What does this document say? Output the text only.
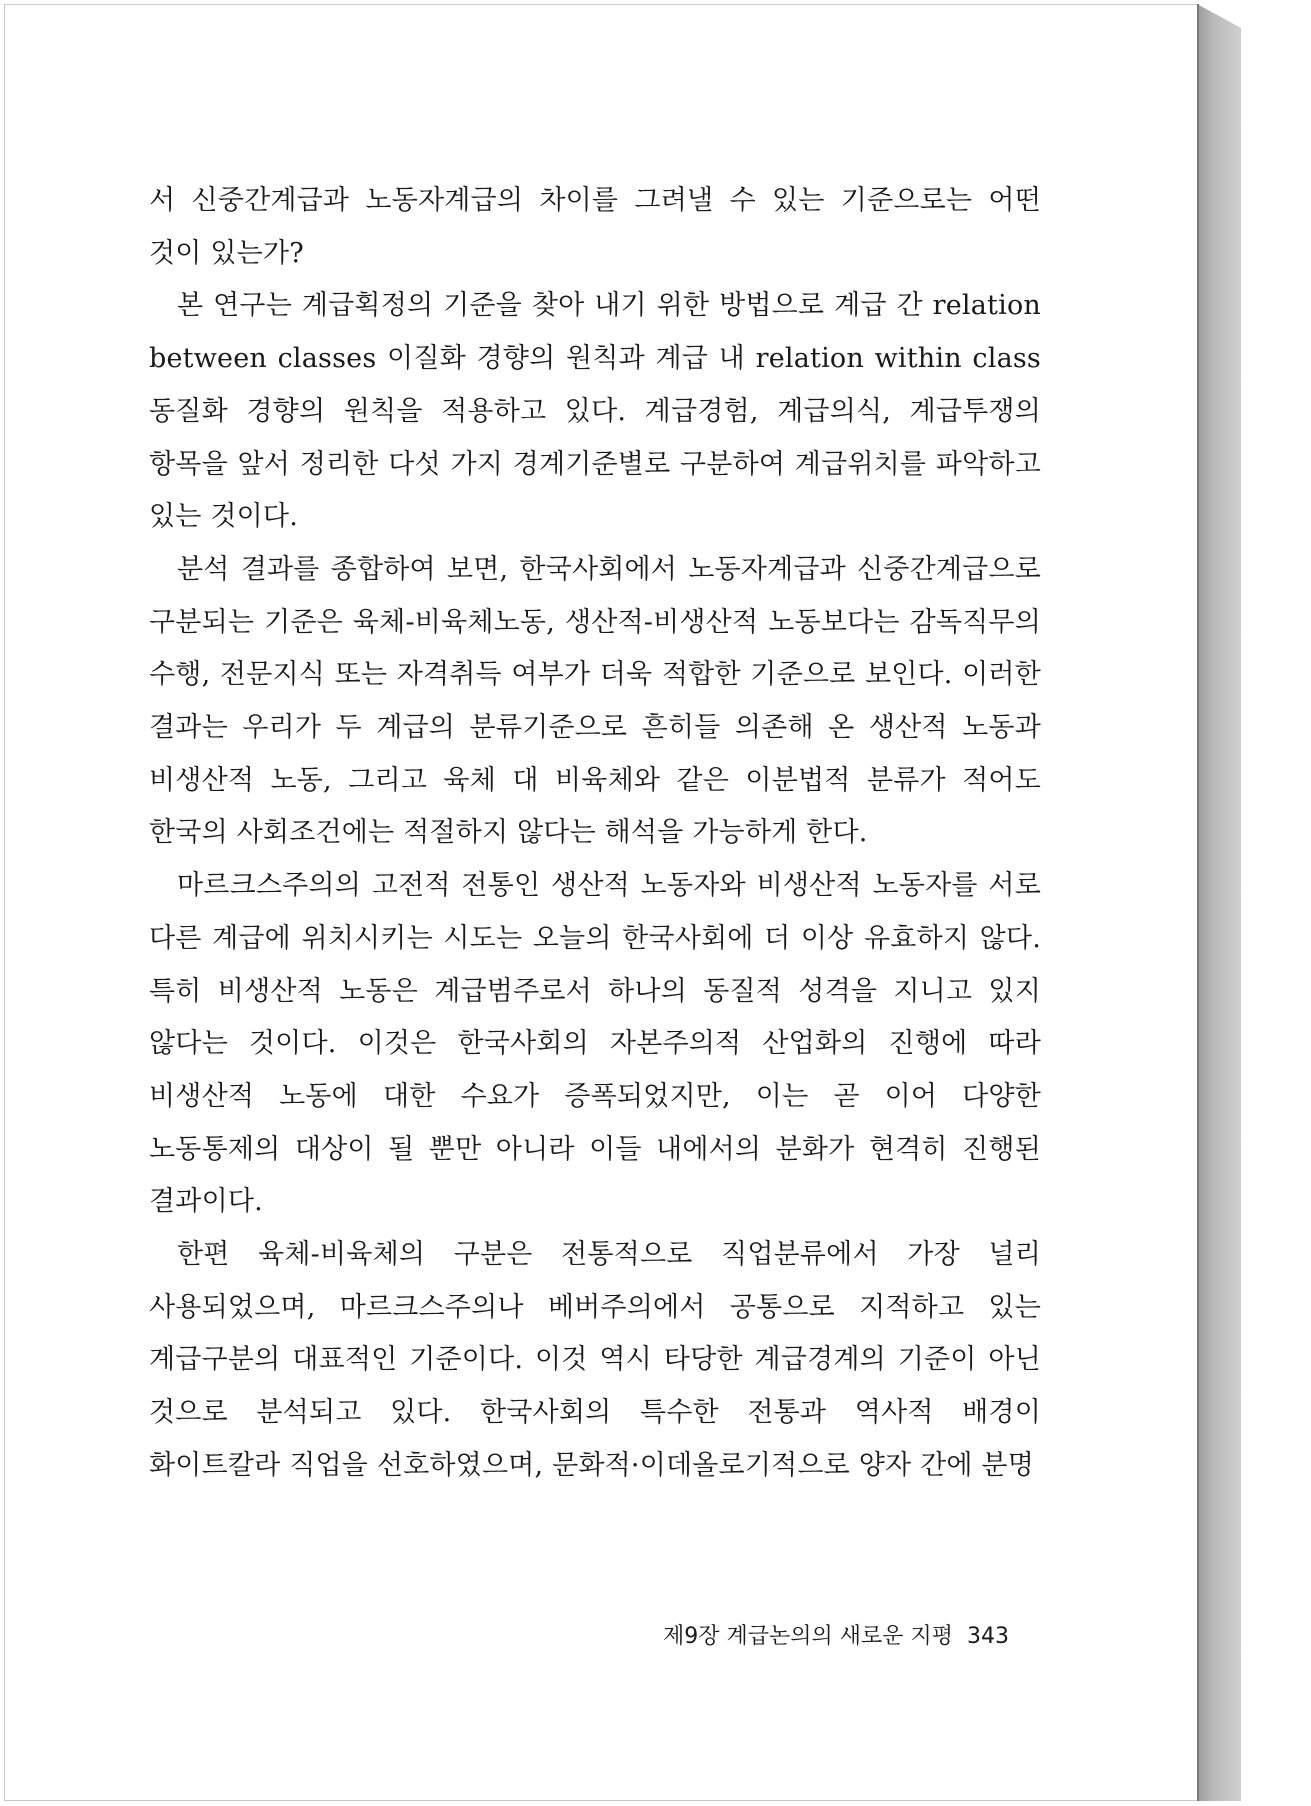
서 신중간계급과 노동자계급의 차이를 그려낼 수 있는 기준으로는 어떤 것이 있는가?

본 연구는 계급획정의 기준을 찾아 내기 위한 방법으로 계급 간 relation between classes 이질화 경향의 원칙과 계급 내 relation within class 동질화 경향의 원칙을 적용하고 있다. 계급경험, 계급의식, 계급투쟁의 항목을 앞서 정리한 다섯 가지 경계기준별로 구분하여 계급위치를 파악하고 있는 것이다.

분석 결과를 종합하여 보면, 한국사회에서 노동자계급과 신중간계급으로 구분되는 기준은 육체-비육체노동, 생산적-비생산적 노동보다는 감독직무의 수행, 전문지식 또는 자격취득 여부가 더욱 적합한 기준으로 보인다. 이러한 결과는 우리가 두 계급의 분류기준으로 흔히들 의존해 온 생산적 노동과 비생산적 노동, 그리고 육체 대 비육체와 같은 이분법적 분류가 적어도 한국의 사회조건에는 적절하지 않다는 해석을 가능하게 한다.

마르크스주의의 고전적 전통인 생산적 노동자와 비생산적 노동자를 서로 다른 계급에 위치시키는 시도는 오늘의 한국사회에 더 이상 유효하지 않다. 특히 비생산적 노동은 계급범주로서 하나의 동질적 성격을 지니고 있지 않다는 것이다. 이것은 한국사회의 자본주의적 산업화의 진행에 따라 비생산적 노동에 대한 수요가 증폭되었지만, 이는 곧 이어 다양한 노동통제의 대상이 될 뿐만 아니라 이들 내에서의 분화가 현격히 진행된 결과이다.

한편 육체-비육체의 구분은 전통적으로 직업분류에서 가장 널리 사용되었으며, 마르크스주의나 베버주의에서 공통으로 지적하고 있는 계급구분의 대표적인 기준이다. 이것 역시 타당한 계급경계의 기준이 아닌 것으로 분석되고 있다. 한국사회의 특수한 전통과 역사적 배경이 화이트칼라 직업을 선호하였으며, 문화적·이데올로기적으로 양자 간에 분명

제9장 계급논의의 새로운 지평 343
